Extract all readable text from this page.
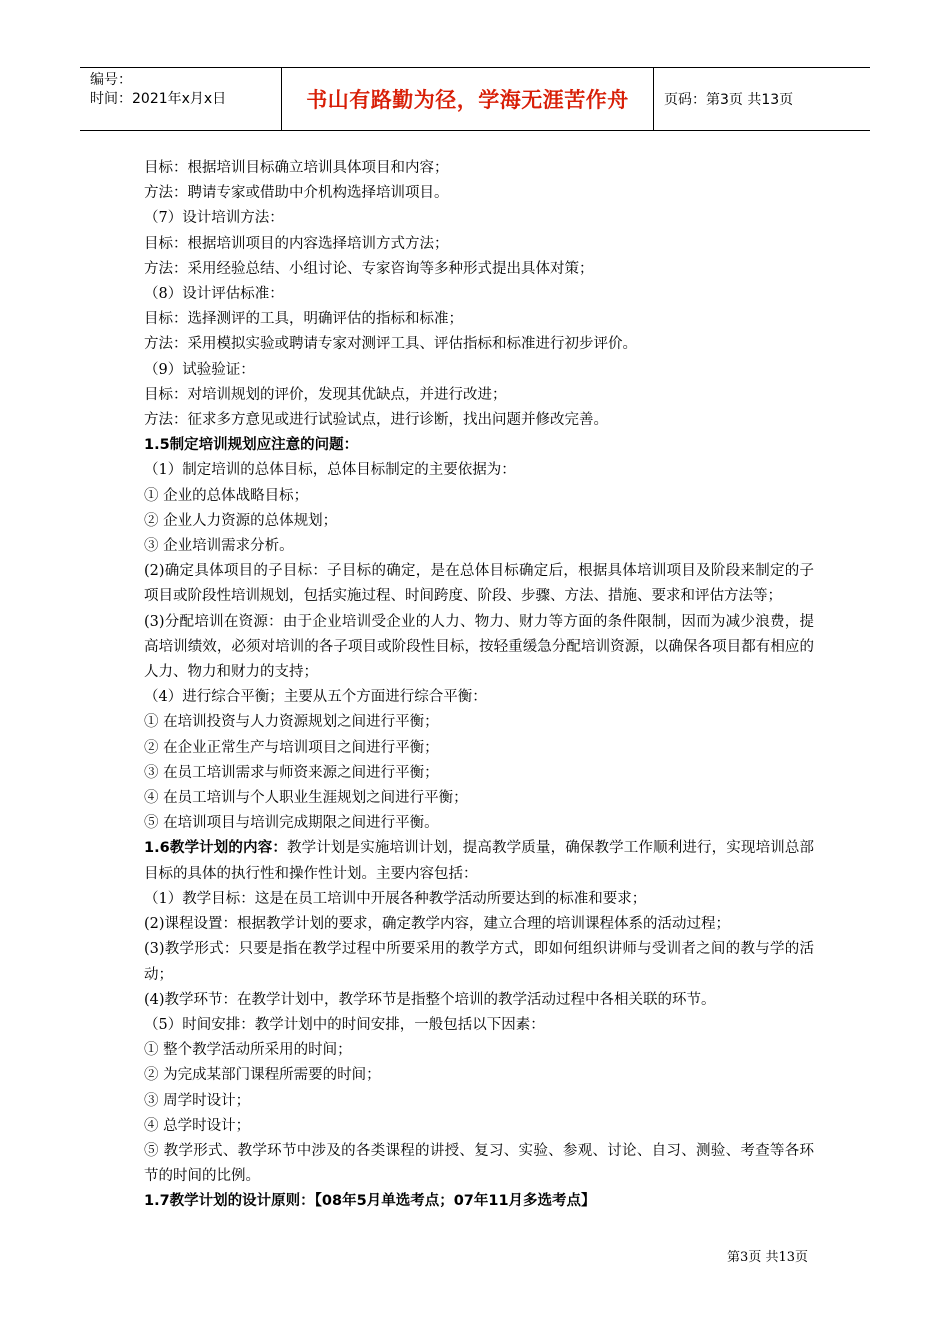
编号：
时间：2021年x月x日	书山有路勤为径，学海无涯苦作舟	页码：第3页 共13页
目标：根据培训目标确立培训具体项目和内容；
方法：聘请专家或借助中介机构选择培训项目。
（7）设计培训方法：
目标：根据培训项目的内容选择培训方式方法；
方法：采用经验总结、小组讨论、专家咨询等多种形式提出具体对策；
（8）设计评估标准：
目标：选择测评的工具，明确评估的指标和标准；
方法：采用模拟实验或聘请专家对测评工具、评估指标和标准进行初步评价。
（9）试验验证：
目标：对培训规划的评价，发现其优缺点，并进行改进；
方法：征求多方意见或进行试验试点，进行诊断，找出问题并修改完善。
1.5制定培训规划应注意的问题：
（1）制定培训的总体目标，总体目标制定的主要依据为：
① 企业的总体战略目标；
② 企业人力资源的总体规划；
③ 企业培训需求分析。
(2)确定具体项目的子目标：子目标的确定，是在总体目标确定后，根据具体培训项目及阶段来制定的子项目或阶段性培训规划，包括实施过程、时间跨度、阶段、步骤、方法、措施、要求和评估方法等；
(3)分配培训在资源：由于企业培训受企业的人力、物力、财力等方面的条件限制，因而为减少浪费，提高培训绩效，必须对培训的各子项目或阶段性目标，按轻重缓急分配培训资源，以确保各项目都有相应的人力、物力和财力的支持；
（4）进行综合平衡；主要从五个方面进行综合平衡：
① 在培训投资与人力资源规划之间进行平衡；
② 在企业正常生产与培训项目之间进行平衡；
③ 在员工培训需求与师资来源之间进行平衡；
④ 在员工培训与个人职业生涯规划之间进行平衡；
⑤ 在培训项目与培训完成期限之间进行平衡。
1.6教学计划的内容：教学计划是实施培训计划，提高教学质量，确保教学工作顺利进行，实现培训总部目标的具体的执行性和操作性计划。主要内容包括：
（1）教学目标：这是在员工培训中开展各种教学活动所要达到的标准和要求；
(2)课程设置：根据教学计划的要求，确定教学内容，建立合理的培训课程体系的活动过程；
(3)教学形式：只要是指在教学过程中所要采用的教学方式，即如何组织讲师与受训者之间的教与学的活动；
(4)教学环节：在教学计划中，教学环节是指整个培训的教学活动过程中各相关联的环节。
（5）时间安排：教学计划中的时间安排，一般包括以下因素：
① 整个教学活动所采用的时间；
② 为完成某部门课程所需要的时间；
③ 周学时设计；
④ 总学时设计；
⑤ 教学形式、教学环节中涉及的各类课程的讲授、复习、实验、参观、讨论、自习、测验、考查等各环节的时间的比例。
1.7教学计划的设计原则：【08年5月单选考点；07年11月多选考点】
第3页 共13页
